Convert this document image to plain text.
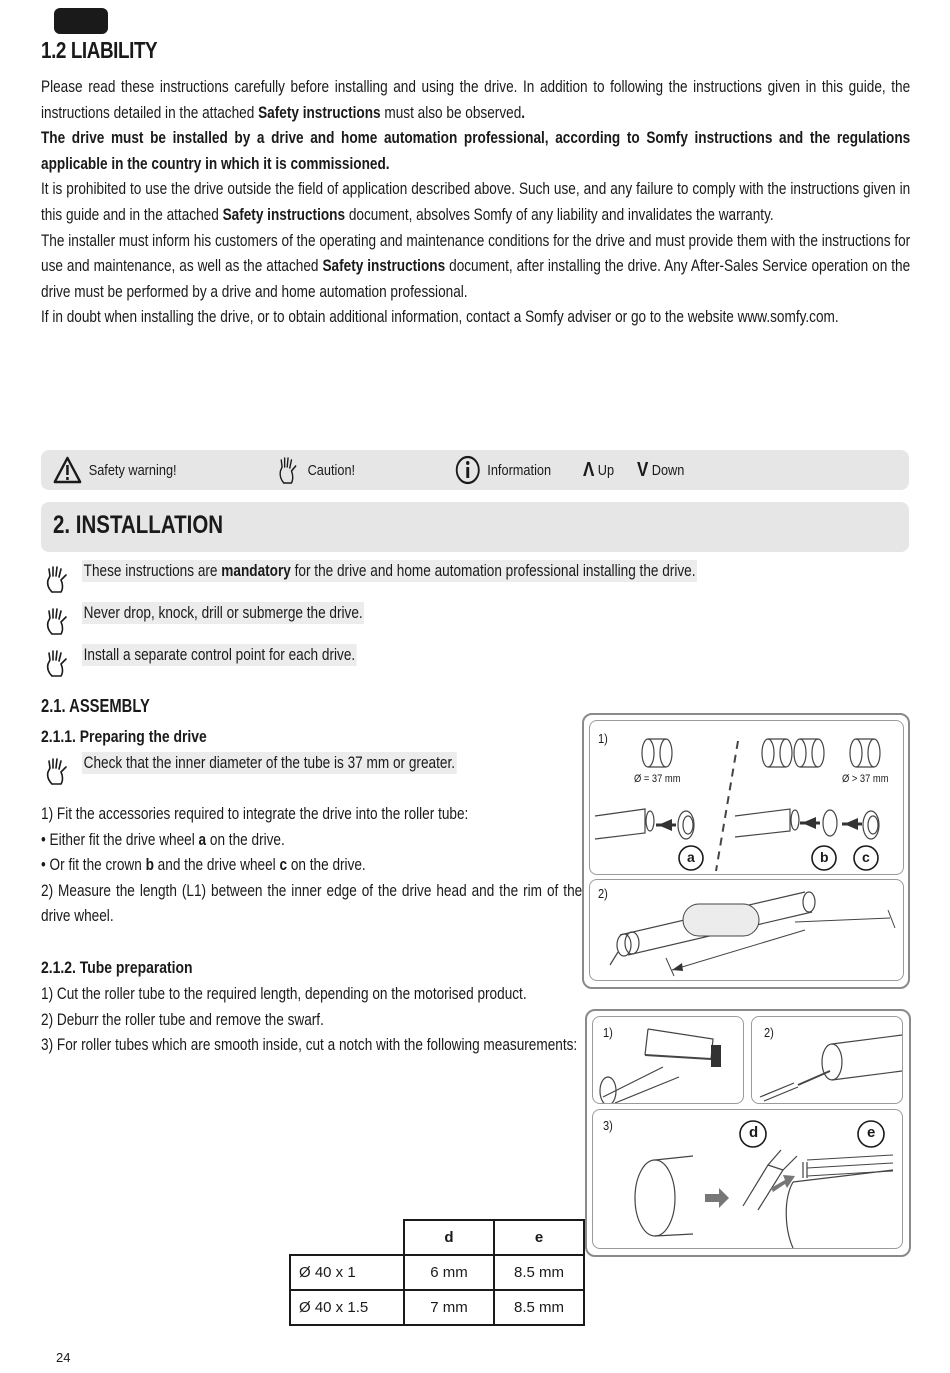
1.2 LIABILITY

Please read these instructions carefully before installing and using the drive. In addition to following the instructions given in this guide, the instructions detailed in the attached Safety instructions must also be observed.

The drive must be installed by a drive and home automation professional, according to Somfy instructions and the regulations applicable in the country in which it is commissioned.

It is prohibited to use the drive outside the field of application described above. Such use, and any failure to comply with the instructions given in this guide and in the attached Safety instructions document, absolves Somfy of any liability and invalidates the warranty.

The installer must inform his customers of the operating and maintenance conditions for the drive and must provide them with the instructions for use and maintenance, as well as the attached Safety instructions document, after installing the drive. Any After-Sales Service operation on the drive must be performed by a drive and home automation professional.

If in doubt when installing the drive, or to obtain additional information, contact a Somfy adviser or go to the website www.somfy.com.

Safety warning!	Caution!	Information Λ Up V Down
2. INSTALLATION
These instructions are mandatory for the drive and home automation professional installing the drive.
Never drop, knock, drill or submerge the drive.
Install a separate control point for each drive.
2.1. ASSEMBLY
2.1.1. Preparing the drive
Check that the inner diameter of the tube is 37 mm or greater.

1) Fit the accessories required to integrate the drive into the roller tube:

• Either fit the drive wheel a on the drive.

• Or fit the crown b and the drive wheel c on the drive.

2) Measure the length (L1) between the inner edge of the drive head and the rim of the drive wheel.

2.1.2. Tube preparation

1) Cut the roller tube to the required length, depending on the motorised product.

2) Deburr the roller tube and remove the swarf.

3) For roller tubes which are smooth inside, cut a notch with the following measurements:

1)
Ø = 37 mm	Ø > 37 mm
a	b c
2)
1)	2)
3)	d	e
	d	e
Ø 40 x 1	6 mm	8.5 mm
Ø 40 x 1.5	7 mm	8.5 mm
24
